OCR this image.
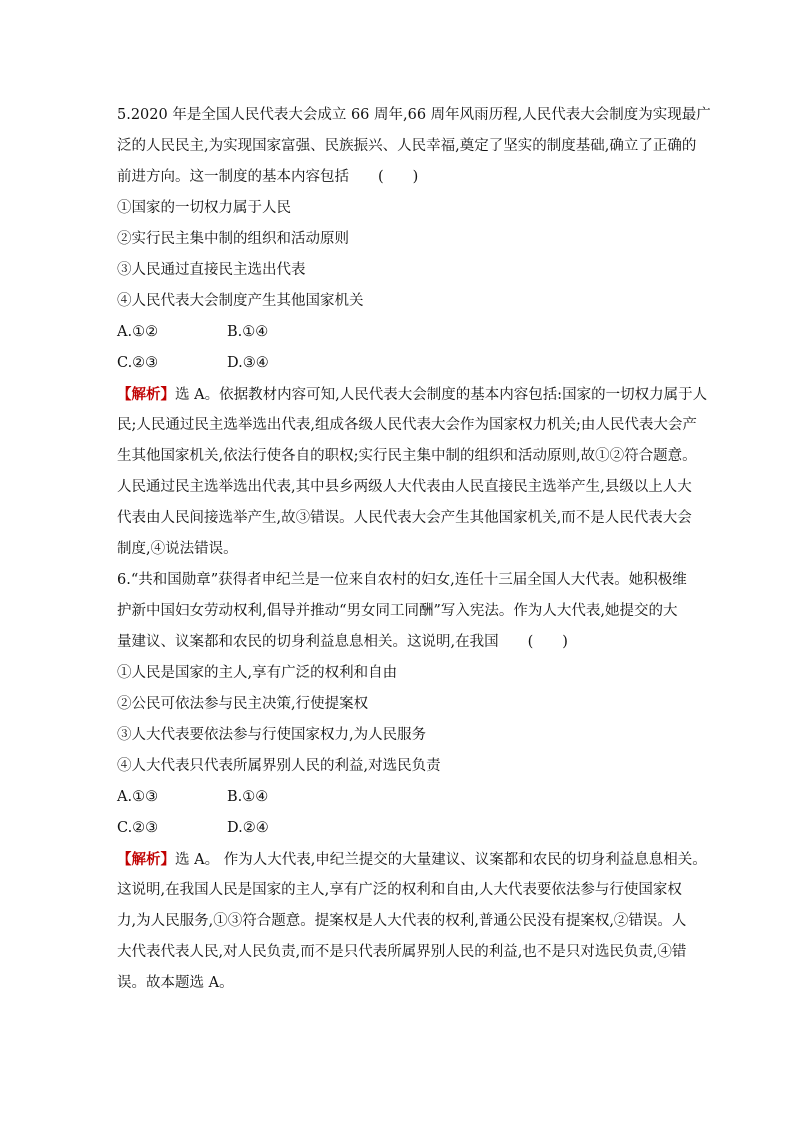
5.2020 年是全国人民代表大会成立 66 周年,66 周年风雨历程,人民代表大会制度为实现最广
泛的人民民主,为实现国家富强、民族振兴、人民幸福,奠定了坚实的制度基础,确立了正确的
前进方向。这一制度的基本内容包括　　(　　)
①国家的一切权力属于人民
②实行民主集中制的组织和活动原则
③人民通过直接民主选出代表
④人民代表大会制度产生其他国家机关
A.①②	B.①④
C.②③	D.③④
【解析】选 A。依据教材内容可知,人民代表大会制度的基本内容包括:国家的一切权力属于人
民;人民通过民主选举选出代表,组成各级人民代表大会作为国家权力机关;由人民代表大会产
生其他国家机关,依法行使各自的职权;实行民主集中制的组织和活动原则,故①②符合题意。
人民通过民主选举选出代表,其中县乡两级人大代表由人民直接民主选举产生,县级以上人大
代表由人民间接选举产生,故③错误。人民代表大会产生其他国家机关,而不是人民代表大会
制度,④说法错误。
6.“共和国勋章”获得者申纪兰是一位来自农村的妇女,连任十三届全国人大代表。她积极维
护新中国妇女劳动权利,倡导并推动“男女同工同酬”写入宪法。作为人大代表,她提交的大
量建议、议案都和农民的切身利益息息相关。这说明,在我国　　(　　)
①人民是国家的主人,享有广泛的权利和自由
②公民可依法参与民主决策,行使提案权
③人大代表要依法参与行使国家权力,为人民服务
④人大代表只代表所属界别人民的利益,对选民负责
A.①③	B.①④
C.②③	D.②④
【解析】选 A。 作为人大代表,申纪兰提交的大量建议、议案都和农民的切身利益息息相关。
这说明,在我国人民是国家的主人,享有广泛的权利和自由,人大代表要依法参与行使国家权
力,为人民服务,①③符合题意。提案权是人大代表的权利,普通公民没有提案权,②错误。人
大代表代表人民,对人民负责,而不是只代表所属界别人民的利益,也不是只对选民负责,④错
误。故本题选 A。
